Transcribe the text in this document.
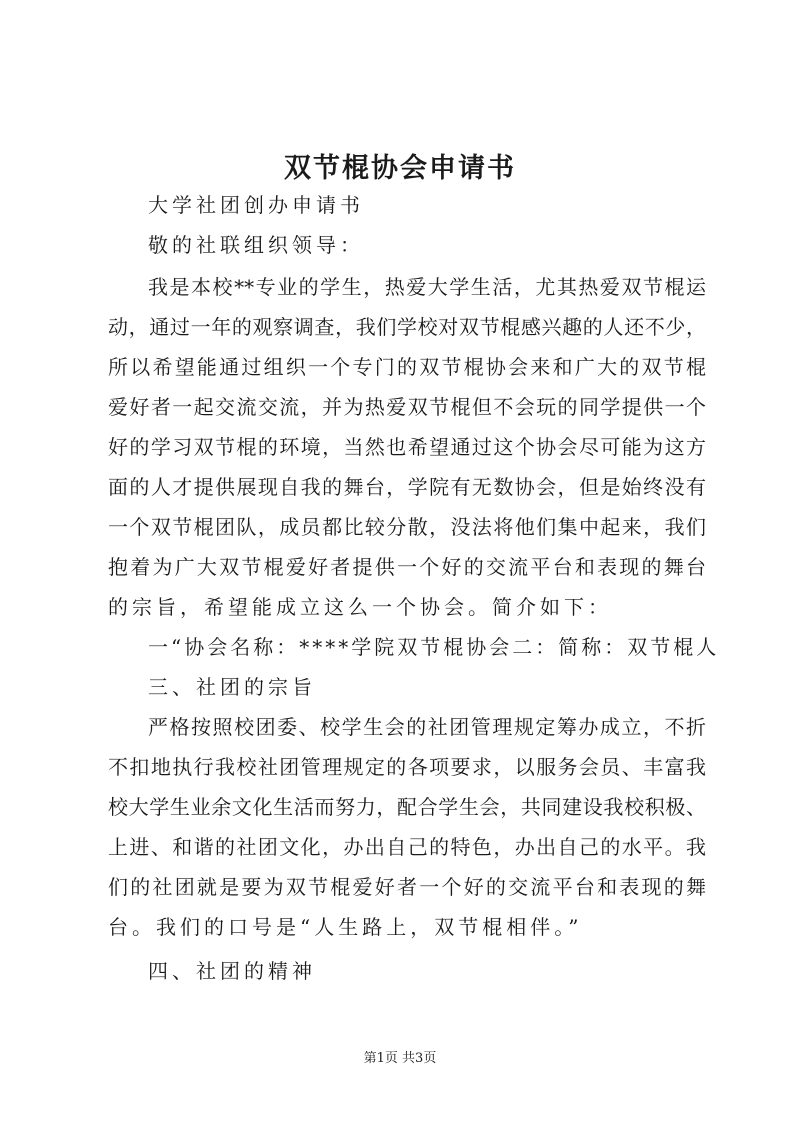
双节棍协会申请书
大学社团创办申请书
敬的社联组织领导：
我是本校**专业的学生，热爱大学生活，尤其热爱双节棍运
动，通过一年的观察调查，我们学校对双节棍感兴趣的人还不少，
所以希望能通过组织一个专门的双节棍协会来和广大的双节棍
爱好者一起交流交流，并为热爱双节棍但不会玩的同学提供一个
好的学习双节棍的环境，当然也希望通过这个协会尽可能为这方
面的人才提供展现自我的舞台，学院有无数协会，但是始终没有
一个双节棍团队，成员都比较分散，没法将他们集中起来，我们
抱着为广大双节棍爱好者提供一个好的交流平台和表现的舞台
的宗旨，希望能成立这么一个协会。简介如下：
一“协会名称：****学院双节棍协会二：简称：双节棍人
三、社团的宗旨
严格按照校团委、校学生会的社团管理规定筹办成立，不折
不扣地执行我校社团管理规定的各项要求，以服务会员、丰富我
校大学生业余文化生活而努力，配合学生会，共同建设我校积极、
上进、和谐的社团文化，办出自己的特色，办出自己的水平。我
们的社团就是要为双节棍爱好者一个好的交流平台和表现的舞
台。我们的口号是“人生路上，双节棍相伴。”
四、社团的精神
第1页 共3页
